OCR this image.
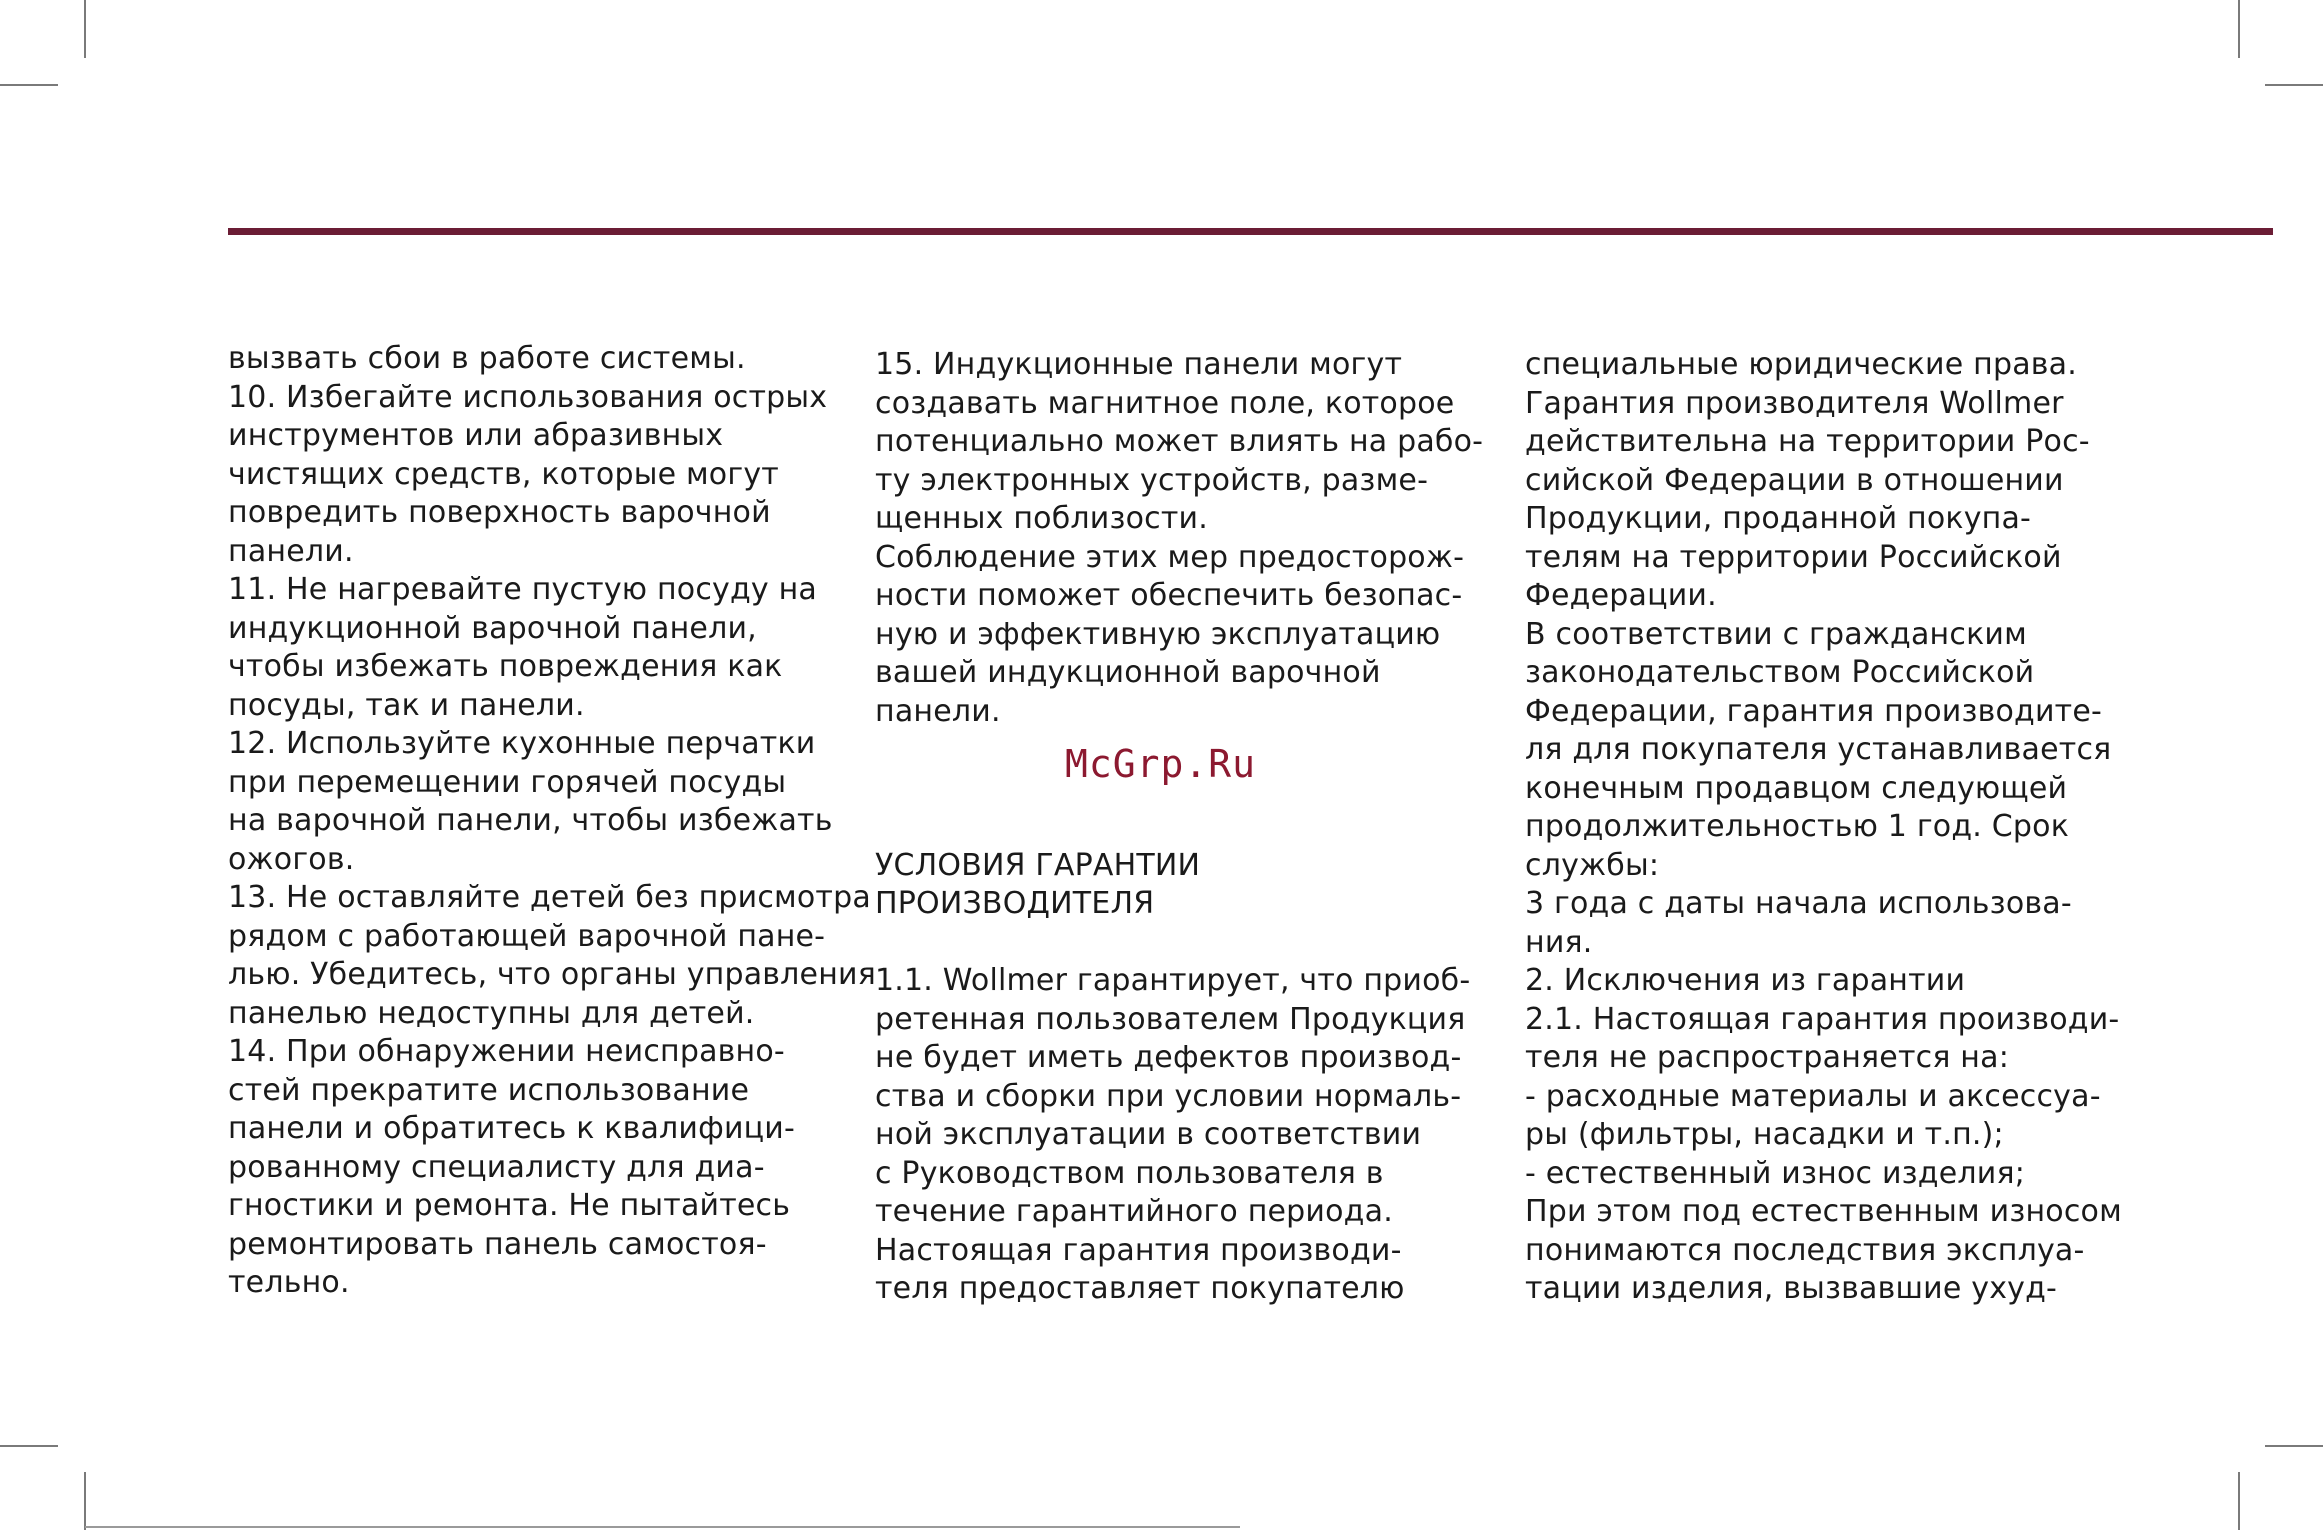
вызвать сбои в работе системы.
10. Избегайте использования острых
инструментов или абразивных
чистящих средств, которые могут
повредить поверхность варочной
панели.
11. Не нагревайте пустую посуду на
индукционной варочной панели,
чтобы избежать повреждения как
посуды, так и панели.
12. Используйте кухонные перчатки
при перемещении горячей посуды
на варочной панели, чтобы избежать
ожогов.
13. Не оставляйте детей без присмотра
рядом с работающей варочной пане-
лью. Убедитесь, что органы управления
панелью недоступны для детей.
14. При обнаружении неисправно-
стей прекратите использование
панели и обратитесь к квалифици-
рованному специалисту для диа-
гностики и ремонта. Не пытайтесь
ремонтировать панель самостоя-
тельно.
15. Индукционные панели могут
создавать магнитное поле, которое
потенциально может влиять на рабо-
ту электронных устройств, разме-
щенных поблизости.
Соблюдение этих мер предосторож-
ности поможет обеспечить безопас-
ную и эффективную эксплуатацию
вашей индукционной варочной
панели.
УСЛОВИЯ ГАРАНТИИ
ПРОИЗВОДИТЕЛЯ
1.1. Wollmer гарантирует, что приоб-
ретенная пользователем Продукция
не будет иметь дефектов производ-
ства и сборки при условии нормаль-
ной эксплуатации в соответствии
с Руководством пользователя в
течение гарантийного периода.
Настоящая гарантия производи-
теля предоставляет покупателю
McGrp.Ru
специальные юридические права.
Гарантия производителя Wollmer
действительна на территории Рос-
сийской Федерации в отношении
Продукции, проданной покупа-
телям на территории Российской
Федерации.
В соответствии с гражданским
законодательством Российской
Федерации, гарантия производите-
ля для покупателя устанавливается
конечным продавцом следующей
продолжительностью 1 год. Срок
службы:
3 года с даты начала использова-
ния.
2. Исключения из гарантии
2.1. Настоящая гарантия производи-
теля не распространяется на:
- расходные материалы и аксессуа-
ры (фильтры, насадки и т.п.);
- естественный износ изделия;
При этом под естественным износом
понимаются последствия эксплуа-
тации изделия, вызвавшие ухуд-
